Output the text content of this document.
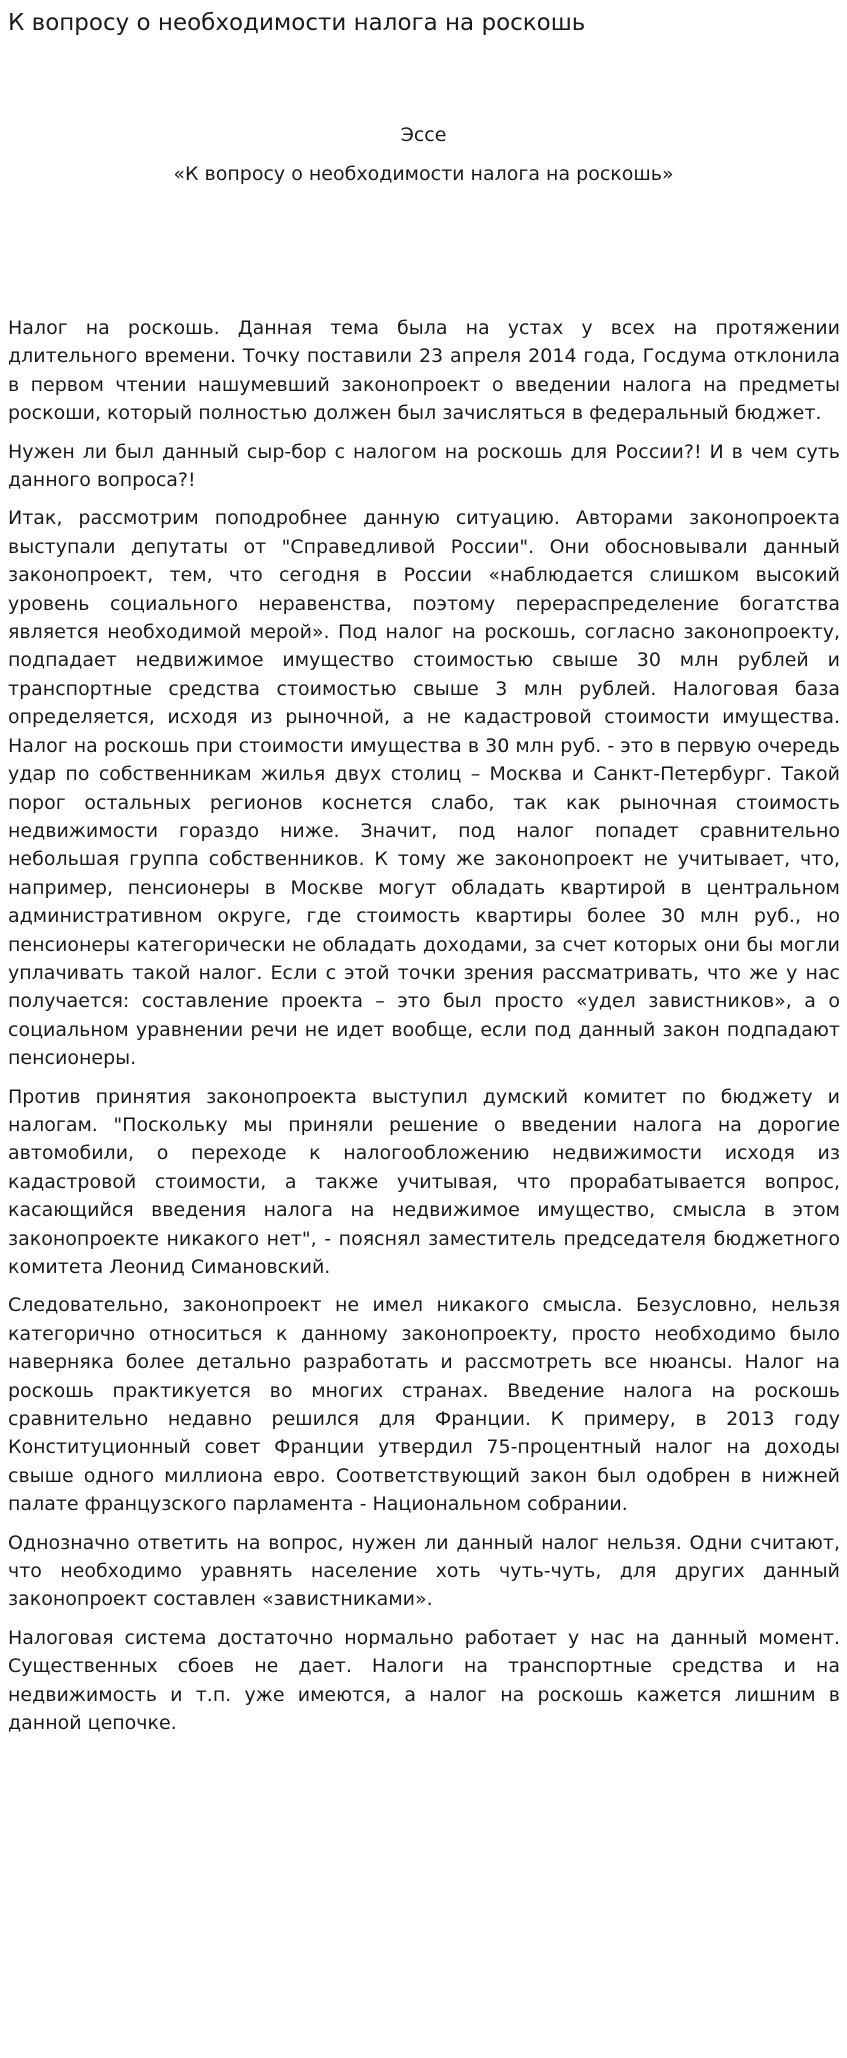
К вопросу о необходимости налога на роскошь
Эссе
«К вопросу о необходимости налога на роскошь»

Налог на роскошь. Данная тема была на устах у всех на протяжении длительного времени. Точку поставили 23 апреля 2014 года, Госдума отклонила в первом чтении нашумевший законопроект о введении налога на предметы роскоши, который полностью должен был зачисляться в федеральный бюджет.

Нужен ли был данный сыр-бор с налогом на роскошь для России?! И в чем суть данного вопроса?!

Итак, рассмотрим поподробнее данную ситуацию. Авторами законопроекта выступали депутаты от "Справедливой России". Они обосновывали данный законопроект, тем, что сегодня в России «наблюдается слишком высокий уровень социального неравенства, поэтому перераспределение богатства является необходимой мерой». Под налог на роскошь, согласно законопроекту, подпадает недвижимое имущество стоимостью свыше 30 млн рублей и транспортные средства стоимостью свыше 3 млн рублей. Налоговая база определяется, исходя из рыночной, а не кадастровой стоимости имущества. Налог на роскошь при стоимости имущества в 30 млн руб. - это в первую очередь удар по собственникам жилья двух столиц – Москва и Санкт-Петербург. Такой порог остальных регионов коснется слабо, так как рыночная стоимость недвижимости гораздо ниже. Значит, под налог попадет сравнительно небольшая группа собственников. К тому же законопроект не учитывает, что, например, пенсионеры в Москве могут обладать квартирой в центральном административном округе, где стоимость квартиры более 30 млн руб., но пенсионеры категорически не обладать доходами, за счет которых они бы могли уплачивать такой налог. Если с этой точки зрения рассматривать, что же у нас получается: составление проекта – это был просто «удел завистников», а о социальном уравнении речи не идет вообще, если под данный закон подпадают пенсионеры.

Против принятия законопроекта выступил думский комитет по бюджету и налогам. "Поскольку мы приняли решение о введении налога на дорогие автомобили, о переходе к налогообложению недвижимости исходя из кадастровой стоимости, а также учитывая, что прорабатывается вопрос, касающийся введения налога на недвижимое имущество, смысла в этом законопроекте никакого нет", - пояснял заместитель председателя бюджетного комитета Леонид Симановский.

Следовательно, законопроект не имел никакого смысла. Безусловно, нельзя категорично относиться к данному законопроекту, просто необходимо было наверняка более детально разработать и рассмотреть все нюансы. Налог на роскошь практикуется во многих странах. Введение налога на роскошь сравнительно недавно решился для Франции. К примеру, в 2013 году Конституционный совет Франции утвердил 75-процентный налог на доходы свыше одного миллиона евро. Соответствующий закон был одобрен в нижней палате французского парламента - Национальном собрании.

Однозначно ответить на вопрос, нужен ли данный налог нельзя. Одни считают, что необходимо уравнять население хоть чуть-чуть, для других данный законопроект составлен «завистниками».

Налоговая система достаточно нормально работает у нас на данный момент. Существенных сбоев не дает. Налоги на транспортные средства и на недвижимость и т.п. уже имеются, а налог на роскошь кажется лишним в данной цепочке.
